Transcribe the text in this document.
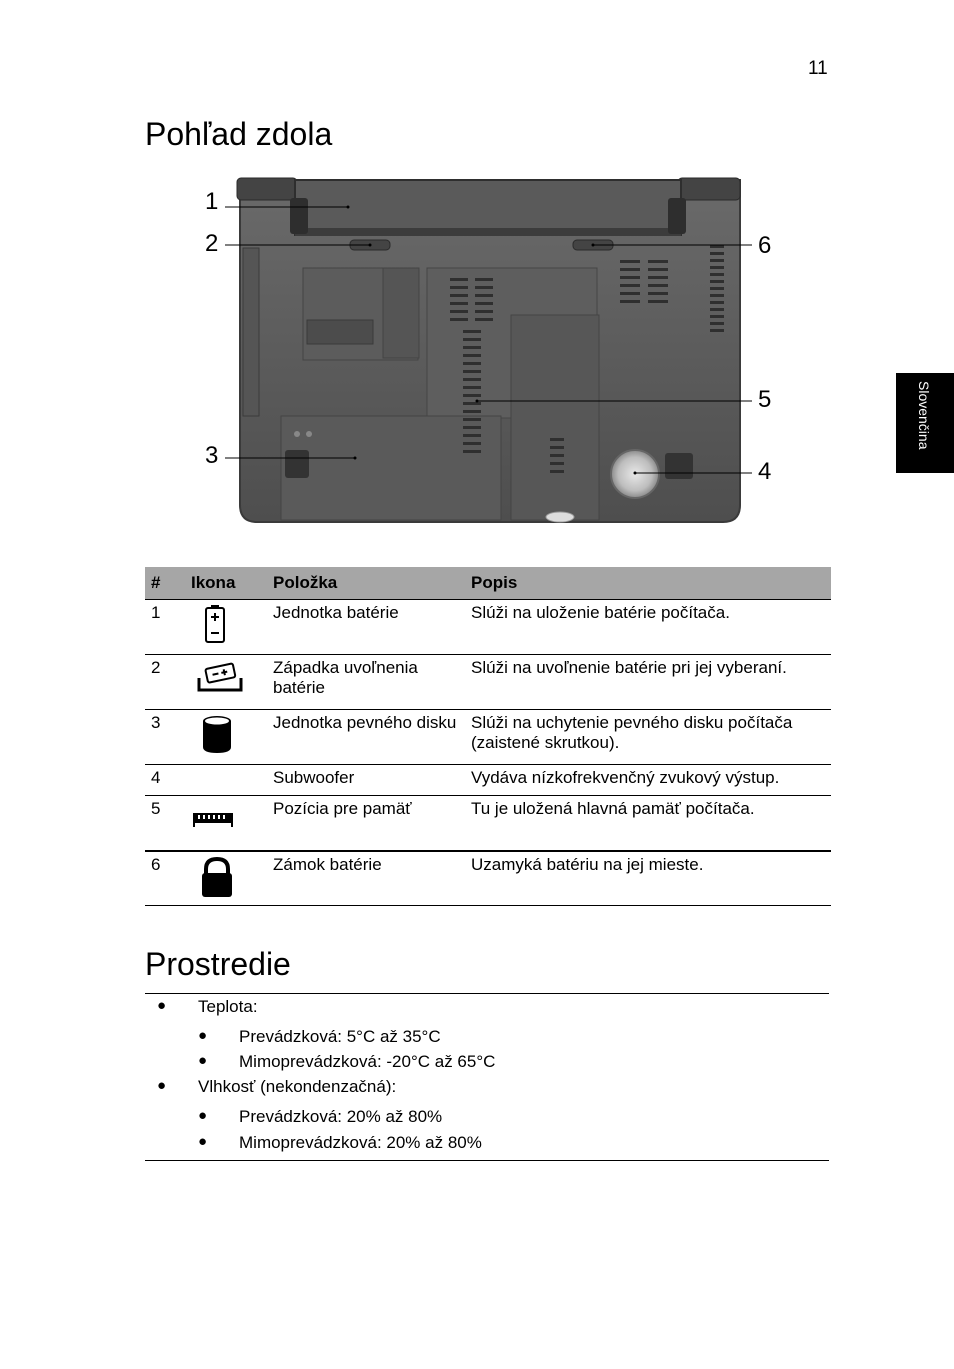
11
Slovenčina
Pohľad zdola
1
2
3
4
5
6
#	Ikona	Položka	Popis
1		Jednotka batérie	Slúži na uloženie batérie počítača.
2		Západka uvoľnenia batérie	Slúži na uvoľnenie batérie pri jej vyberaní.
3		Jednotka pevného disku	Slúži na uchytenie pevného disku počítača (zaistené skrutkou).
4		Subwoofer	Vydáva nízkofrekvenčný zvukový výstup.
5		Pozícia pre pamäť	Tu je uložená hlavná pamäť počítača.
6		Zámok batérie	Uzamyká batériu na jej mieste.
Prostredie
● Teplota:
● Prevádzková: 5°C až 35°C
● Mimoprevádzková: -20°C až 65°C
● Vlhkosť (nekondenzačná):
● Prevádzková: 20% až 80%
● Mimoprevádzková: 20% až 80%
